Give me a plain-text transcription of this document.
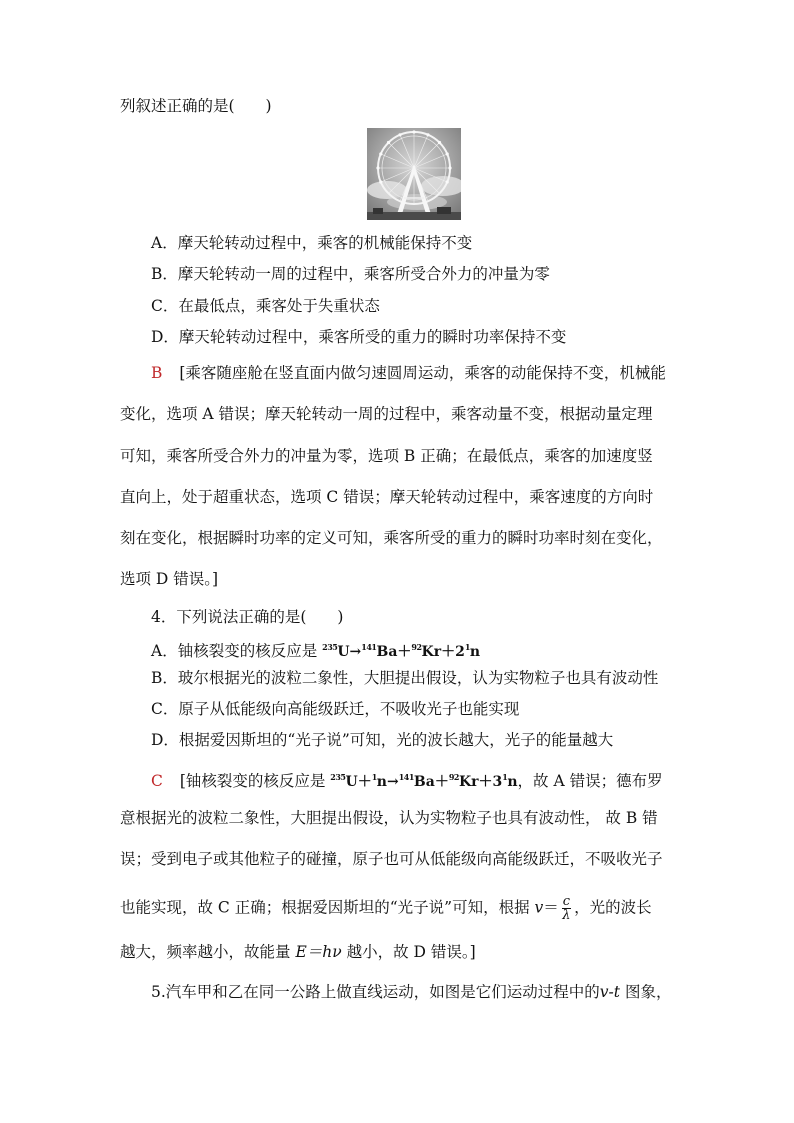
列叙述正确的是(　　)
A．摩天轮转动过程中，乘客的机械能保持不变
B．摩天轮转动一周的过程中，乘客所受合外力的冲量为零
C．在最低点，乘客处于失重状态
D．摩天轮转动过程中，乘客所受的重力的瞬时功率保持不变
B [乘客随座舱在竖直面内做匀速圆周运动，乘客的动能保持不变，机械能
变化，选项 A 错误；摩天轮转动一周的过程中，乘客动量不变，根据动量定理
可知，乘客所受合外力的冲量为零，选项 B 正确；在最低点，乘客的加速度竖
直向上，处于超重状态，选项 C 错误；摩天轮转动过程中，乘客速度的方向时
刻在变化，根据瞬时功率的定义可知，乘客所受的重力的瞬时功率时刻在变化，
选项 D 错误。]
4．下列说法正确的是(　　)
A．铀核裂变的核反应是 $^{235}U\to^{141}Ba+^{92}Kr+2^1n$
B．玻尔根据光的波粒二象性，大胆提出假设，认为实物粒子也具有波动性
C．原子从低能级向高能级跃迁，不吸收光子也能实现
D．根据爱因斯坦的“光子说”可知，光的波长越大，光子的能量越大
C [铀核裂变的核反应是 $^{235}U+^1n\to^{141}Ba+^{92}Kr+3^1n$，故 A 错误；德布罗
意根据光的波粒二象性，大胆提出假设，认为实物粒子也具有波动性， 故 B 错
误；受到电子或其他粒子的碰撞，原子也可从低能级向高能级跃迁，不吸收光子
也能实现，故 C 正确；根据爱因斯坦的“光子说”可知，根据 $v= \frac{c}{\lambda}$ ，光的波长
越大，频率越小，故能量 E＝hν 越小，故 D 错误。]
5.汽车甲和乙在同一公路上做直线运动，如图是它们运动过程中的v-t 图象，
